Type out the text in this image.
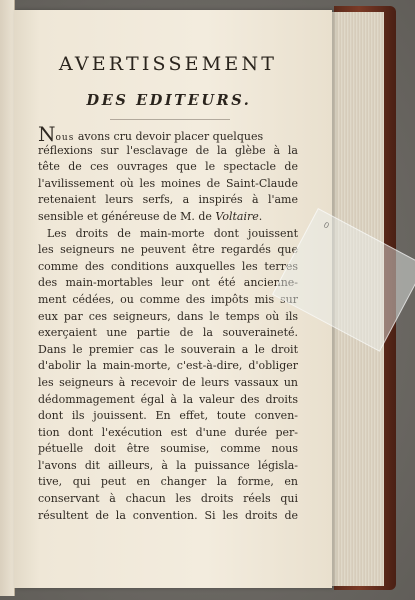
AVERTISSEMENT
DES EDITEURS.
Nous avons cru devoir placer quelques
réflexions sur l'esclavage de la glèbe à la
tête de ces ouvrages que le spectacle de
l'avilissement où les moines de Saint-Claude
retenaient leurs serfs, a inspirés à l'ame
sensible et généreuse de M. de Voltaire.
Les droits de main-morte dont jouissent
les seigneurs ne peuvent être regardés que
comme des conditions auxquelles les terres
des main-mortables leur ont été ancienne-
ment cédées, ou comme des impôts mis sur
eux par ces seigneurs, dans le temps où ils
exerçaient une partie de la souveraineté.
Dans le premier cas le souverain a le droit
d'abolir la main-morte, c'est-à-dire, d'obliger
les seigneurs à recevoir de leurs vassaux un
dédommagement égal à la valeur des droits
dont ils jouissent. En effet, toute conven-
tion dont l'exécution est d'une durée per-
pétuelle doit être soumise, comme nous
l'avons dit ailleurs, à la puissance législa-
tive, qui peut en changer la forme, en
conservant à chacun les droits réels qui
résultent de la convention. Si les droits de
0
